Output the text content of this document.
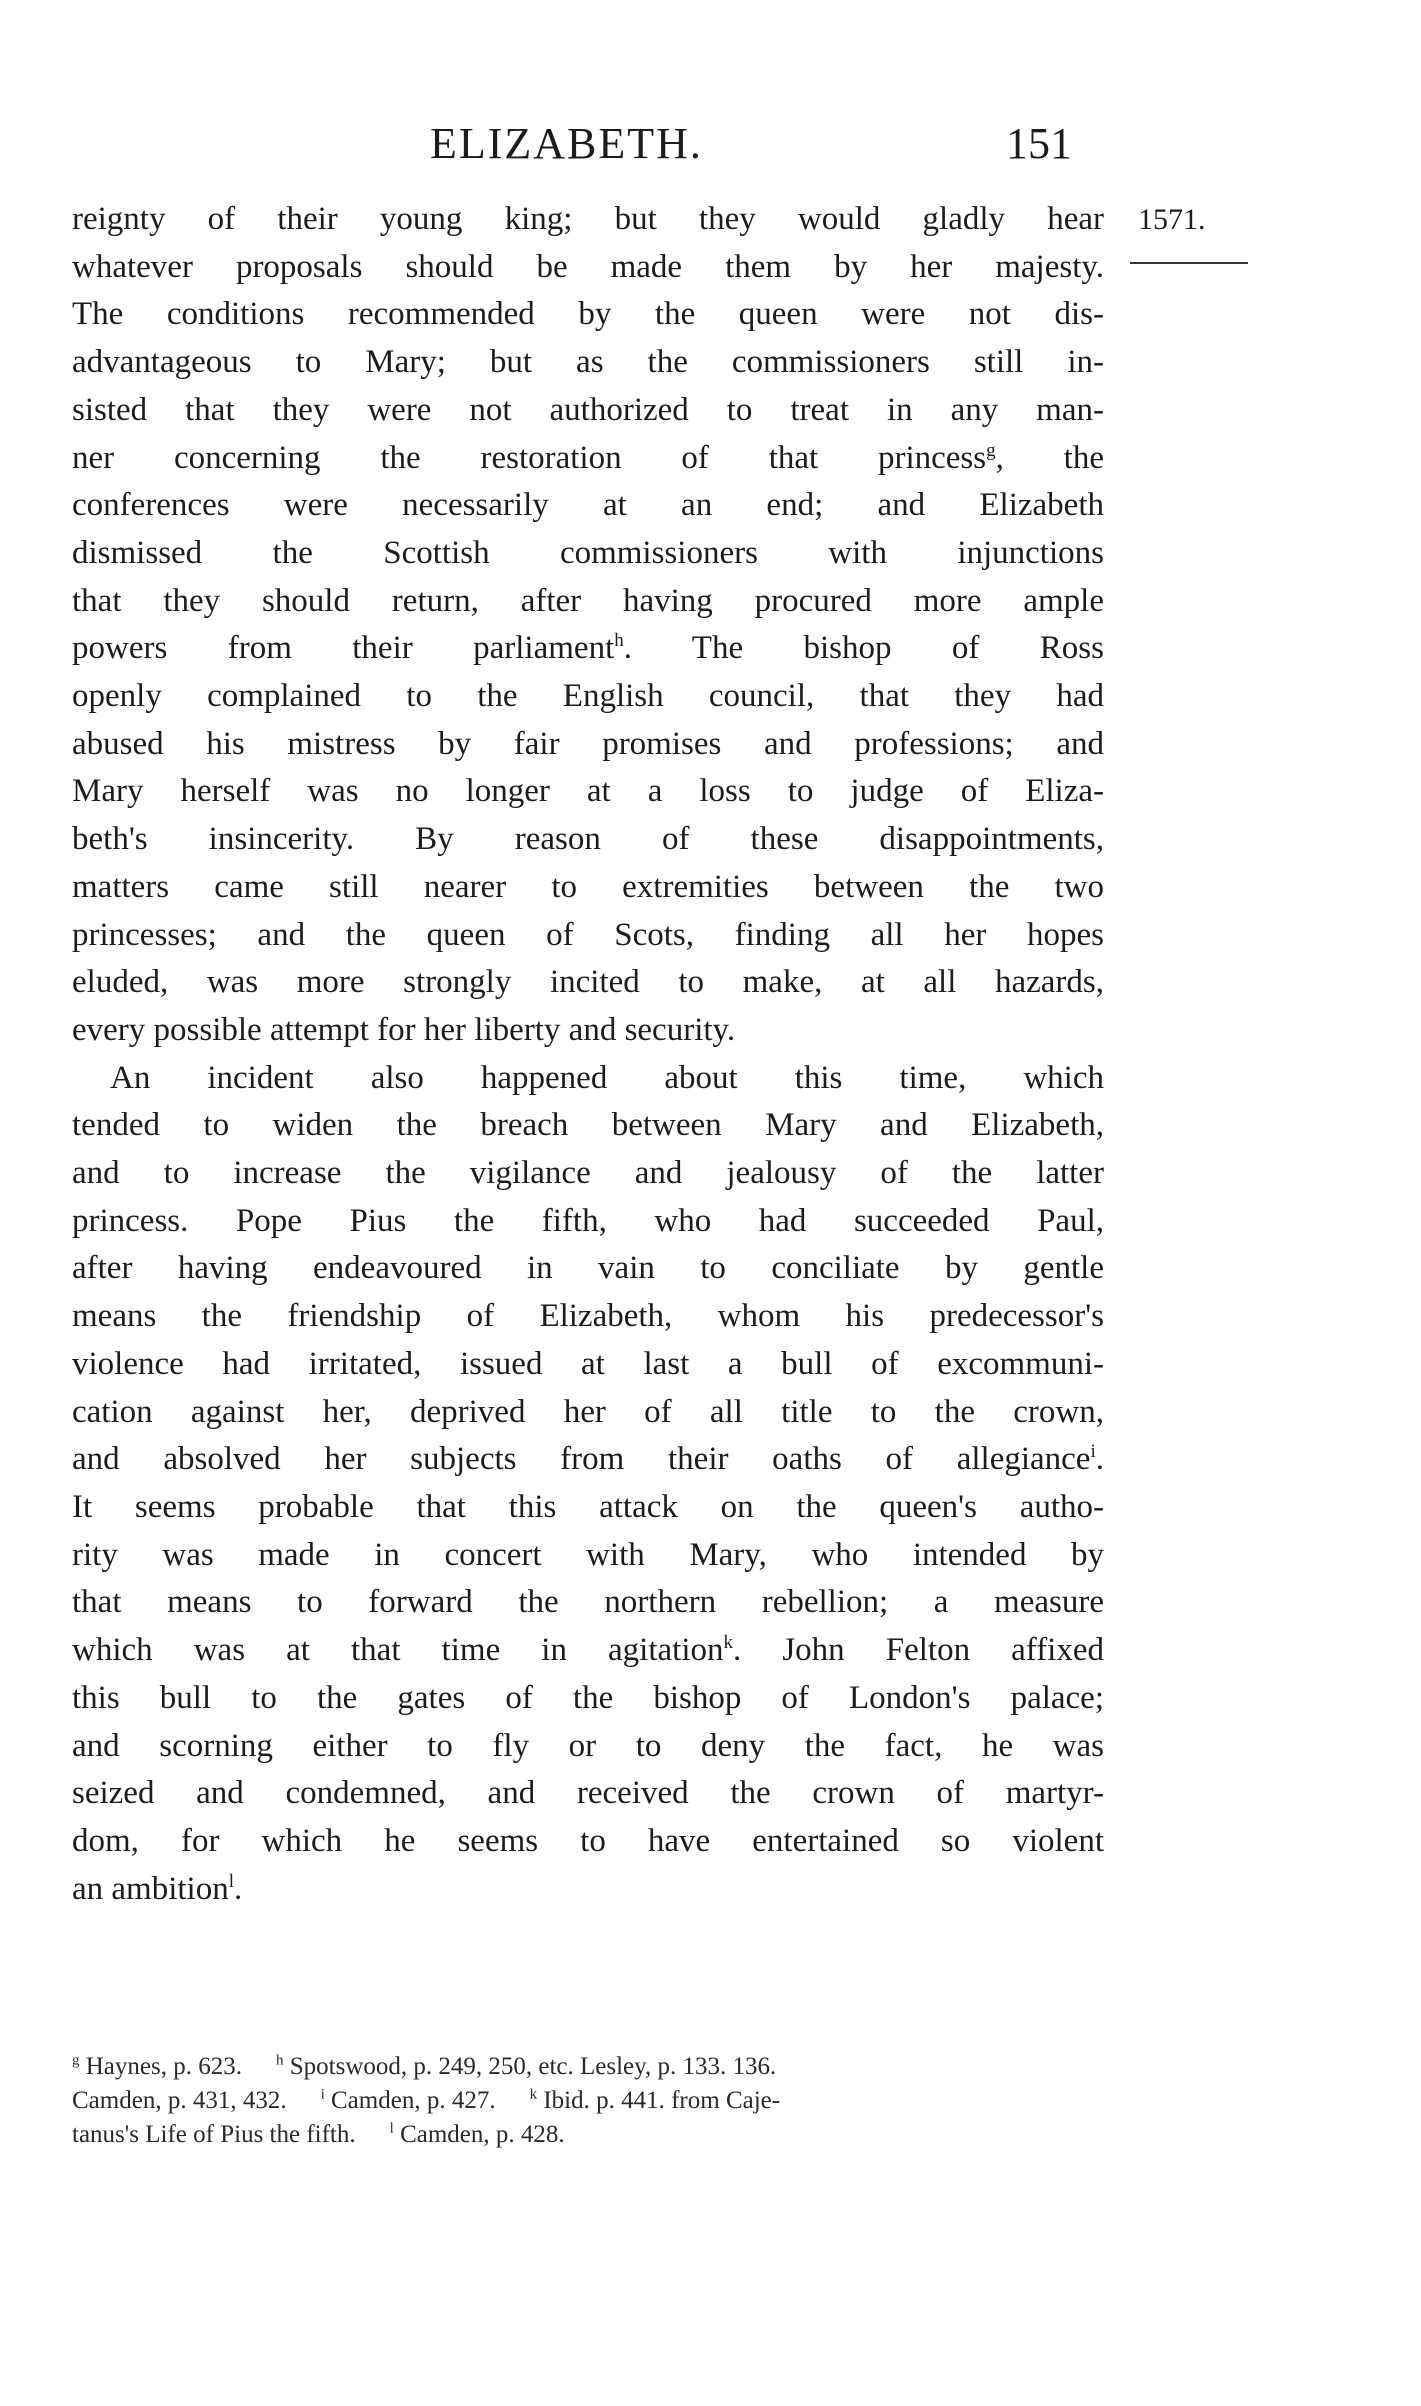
ELIZABETH.	151
1571.
reignty of their young king; but they would gladly hear
whatever proposals should be made them by her majesty.
The conditions recommended by the queen were not dis-
advantageous to Mary; but as the commissioners still in-
sisted that they were not authorized to treat in any man-
ner concerning the restoration of that princess$^g$, the
conferences were necessarily at an end; and Elizabeth
dismissed the Scottish commissioners with injunctions
that they should return, after having procured more ample
powers from their parliament$^h$. The bishop of Ross
openly complained to the English council, that they had
abused his mistress by fair promises and professions; and
Mary herself was no longer at a loss to judge of Eliza-
beth's insincerity. By reason of these disappointments,
matters came still nearer to extremities between the two
princesses; and the queen of Scots, finding all her hopes
eluded, was more strongly incited to make, at all hazards,
every possible attempt for her liberty and security.
An incident also happened about this time, which
tended to widen the breach between Mary and Elizabeth,
and to increase the vigilance and jealousy of the latter
princess. Pope Pius the fifth, who had succeeded Paul,
after having endeavoured in vain to conciliate by gentle
means the friendship of Elizabeth, whom his predecessor's
violence had irritated, issued at last a bull of excommuni-
cation against her, deprived her of all title to the crown,
and absolved her subjects from their oaths of allegiance$^i$.
It seems probable that this attack on the queen's autho-
rity was made in concert with Mary, who intended by
that means to forward the northern rebellion; a measure
which was at that time in agitation$^k$. John Felton affixed
this bull to the gates of the bishop of London's palace;
and scorning either to fly or to deny the fact, he was
seized and condemned, and received the crown of martyr-
dom, for which he seems to have entertained so violent
an ambition$^l$.
$^g$ Haynes, p. 623. $^h$ Spotswood, p. 249, 250, etc. Lesley, p. 133. 136.
Camden, p. 431, 432. $^i$ Camden, p. 427. $^k$ Ibid. p. 441. from Caje-
tanus's Life of Pius the fifth. $^l$ Camden, p. 428.
